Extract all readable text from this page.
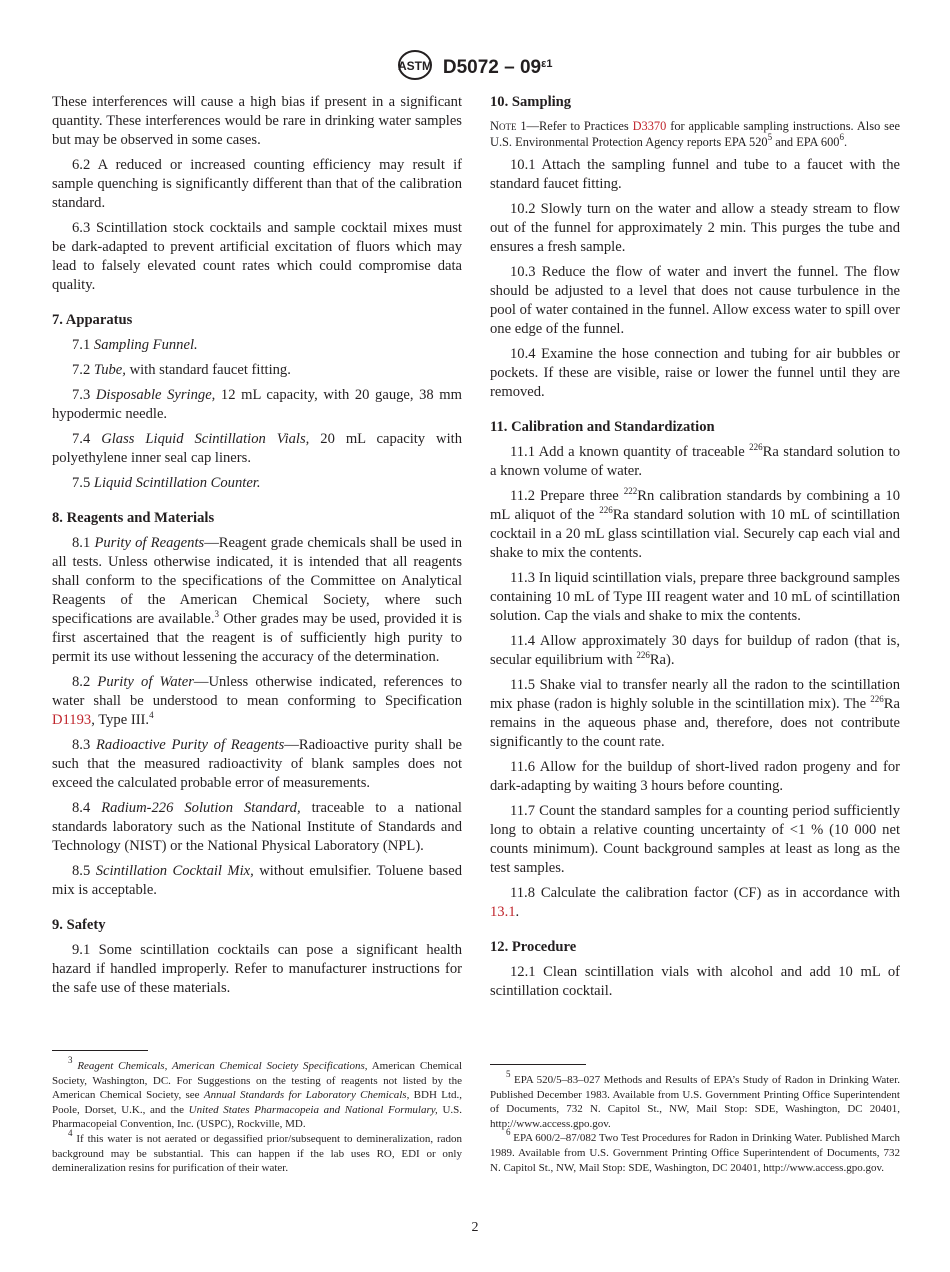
ASTM $D5072 - 09^{\varepsilon 1}$

These interferences will cause a high bias if present in a significant quantity. These interferences would be rare in drinking water samples but may be observed in some cases.

6.2 A reduced or increased counting efficiency may result if sample quenching is significantly different than that of the calibration standard.

6.3 Scintillation stock cocktails and sample cocktail mixes must be dark-adapted to prevent artificial excitation of fluors which may lead to falsely elevated count rates which could compromise data quality.

7. Apparatus

7.1 Sampling Funnel.

7.2 Tube, with standard faucet fitting.

7.3 Disposable Syringe, 12 mL capacity, with 20 gauge, 38 mm hypodermic needle.

7.4 Glass Liquid Scintillation Vials, 20 mL capacity with polyethylene inner seal cap liners.

7.5 Liquid Scintillation Counter.

8. Reagents and Materials

8.1 Purity of Reagents—Reagent grade chemicals shall be used in all tests. Unless otherwise indicated, it is intended that all reagents shall conform to the specifications of the Committee on Analytical Reagents of the American Chemical Society, where such specifications are available.$^3$ Other grades may be used, provided it is first ascertained that the reagent is of sufficiently high purity to permit its use without lessening the accuracy of the determination.

8.2 Purity of Water—Unless otherwise indicated, references to water shall be understood to mean conforming to Specification D1193, Type III.$^4$

8.3 Radioactive Purity of Reagents—Radioactive purity shall be such that the measured radioactivity of blank samples does not exceed the calculated probable error of measurements.

8.4 Radium-226 Solution Standard, traceable to a national standards laboratory such as the National Institute of Standards and Technology (NIST) or the National Physical Laboratory (NPL).

8.5 Scintillation Cocktail Mix, without emulsifier. Toluene based mix is acceptable.

9. Safety

9.1 Some scintillation cocktails can pose a significant health hazard if handled improperly. Refer to manufacturer instructions for the safe use of these materials.

10. Sampling

Note 1—Refer to Practices D3370 for applicable sampling instructions. Also see U.S. Environmental Protection Agency reports EPA $520^5$ and EPA $600^6$.

10.1 Attach the sampling funnel and tube to a faucet with the standard faucet fitting.

10.2 Slowly turn on the water and allow a steady stream to flow out of the funnel for approximately 2 min. This purges the tube and ensures a fresh sample.

10.3 Reduce the flow of water and invert the funnel. The flow should be adjusted to a level that does not cause turbulence in the pool of water contained in the funnel. Allow excess water to spill over one edge of the funnel.

10.4 Examine the hose connection and tubing for air bubbles or pockets. If these are visible, raise or lower the funnel until they are removed.

11. Calibration and Standardization

11.1 Add a known quantity of traceable $^{226}$Ra standard solution to a known volume of water.

11.2 Prepare three $^{222}$Rn calibration standards by combining a 10 mL aliquot of the $^{226}$Ra standard solution with 10 mL of scintillation cocktail in a 20 mL glass scintillation vial. Securely cap each vial and shake to mix the contents.

11.3 In liquid scintillation vials, prepare three background samples containing 10 mL of Type III reagent water and 10 mL of scintillation solution. Cap the vials and shake to mix the contents.

11.4 Allow approximately 30 days for buildup of radon (that is, secular equilibrium with $^{226}$Ra).

11.5 Shake vial to transfer nearly all the radon to the scintillation mix phase (radon is highly soluble in the scintillation mix). The $^{226}$Ra remains in the aqueous phase and, therefore, does not contribute significantly to the count rate.

11.6 Allow for the buildup of short-lived radon progeny and for dark-adapting by waiting 3 hours before counting.

11.7 Count the standard samples for a counting period sufficiently long to obtain a relative counting uncertainty of <1 % (10 000 net counts minimum). Count background samples at least as long as the test samples.

11.8 Calculate the calibration factor (CF) as in accordance with 13.1.

12. Procedure

12.1 Clean scintillation vials with alcohol and add 10 mL of scintillation cocktail.

$^3$ Reagent Chemicals, American Chemical Society Specifications, American Chemical Society, Washington, DC. For Suggestions on the testing of reagents not listed by the American Chemical Society, see Annual Standards for Laboratory Chemicals, BDH Ltd., Poole, Dorset, U.K., and the United States Pharmacopeia and National Formulary, U.S. Pharmacopeial Convention, Inc. (USPC), Rockville, MD.

$^4$ If this water is not aerated or degassified prior/subsequent to demineralization, radon background may be substantial. This can happen if the lab uses RO, EDI or only demineralization resins for purification of their water.

$^5$ EPA 520/5–83–027 Methods and Results of EPA’s Study of Radon in Drinking Water. Published December 1983. Available from U.S. Government Printing Office Superintendent of Documents, 732 N. Capitol St., NW, Mail Stop: SDE, Washington, DC 20401, http://www.access.gpo.gov.

$^6$ EPA 600/2–87/082 Two Test Procedures for Radon in Drinking Water. Published March 1989. Available from U.S. Government Printing Office Superintendent of Documents, 732 N. Capitol St., NW, Mail Stop: SDE, Washington, DC 20401, http://www.access.gpo.gov.

2
